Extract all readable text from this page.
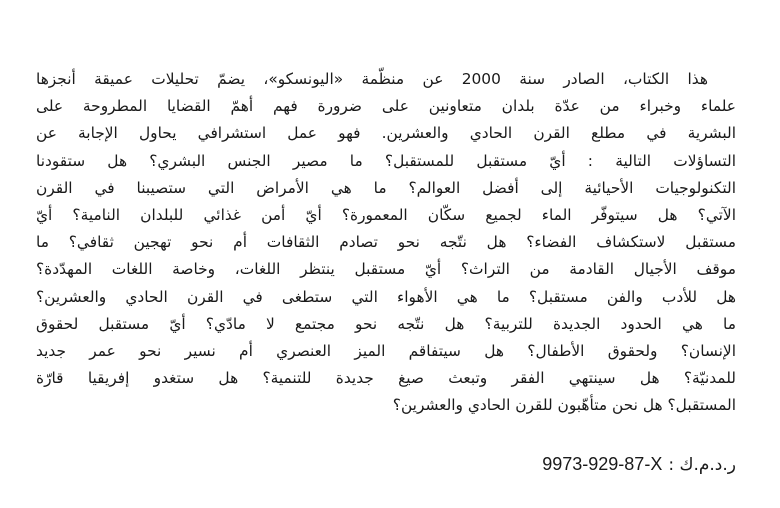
هذا الكتاب، الصادر سنة 2000 عن منظّمة «اليونسكو»، يضمّ تحليلات عميقة أنجزها
علماء وخبراء من عدّة بلدان متعاونين على ضرورة فهم أهمّ القضايا المطروحة على
البشرية في مطلع القرن الحادي والعشرين. فهو عمل استشرافي يحاول الإجابة عن
التساؤلات التالية : أيّ مستقبل للمستقبل؟ ما مصير الجنس البشري؟ هل ستقودنا
التكنولوجيات الأحيائية إلى أفضل العوالم؟ ما هي الأمراض التي ستصيبنا في القرن
الآتي؟ هل سيتوفّر الماء لجميع سكّان المعمورة؟ أيّ أمن غذائي للبلدان النامية؟ أيّ
مستقبل لاستكشاف الفضاء؟ هل نتّجه نحو تصادم الثقافات أم نحو تهجين ثقافي؟ ما
موقف الأجيال القادمة من التراث؟ أيّ مستقبل ينتظر اللغات، وخاصة اللغات المهدّدة؟
هل للأدب والفن مستقبل؟ ما هي الأهواء التي ستطغى في القرن الحادي والعشرين؟
ما هي الحدود الجديدة للتربية؟ هل نتّجه نحو مجتمع لا مادّي؟ أيّ مستقبل لحقوق
الإنسان؟ ولحقوق الأطفال؟ هل سيتفاقم الميز العنصري أم نسير نحو عمر جديد
للمدنيّة؟ هل سينتهي الفقر وتبعث صيغ جديدة للتنمية؟ هل ستغدو إفريقيا قارّة
المستقبل؟ هل نحن متأهّبون للقرن الحادي والعشرين؟
ر.د.م.ك :
9973-929-87-X
